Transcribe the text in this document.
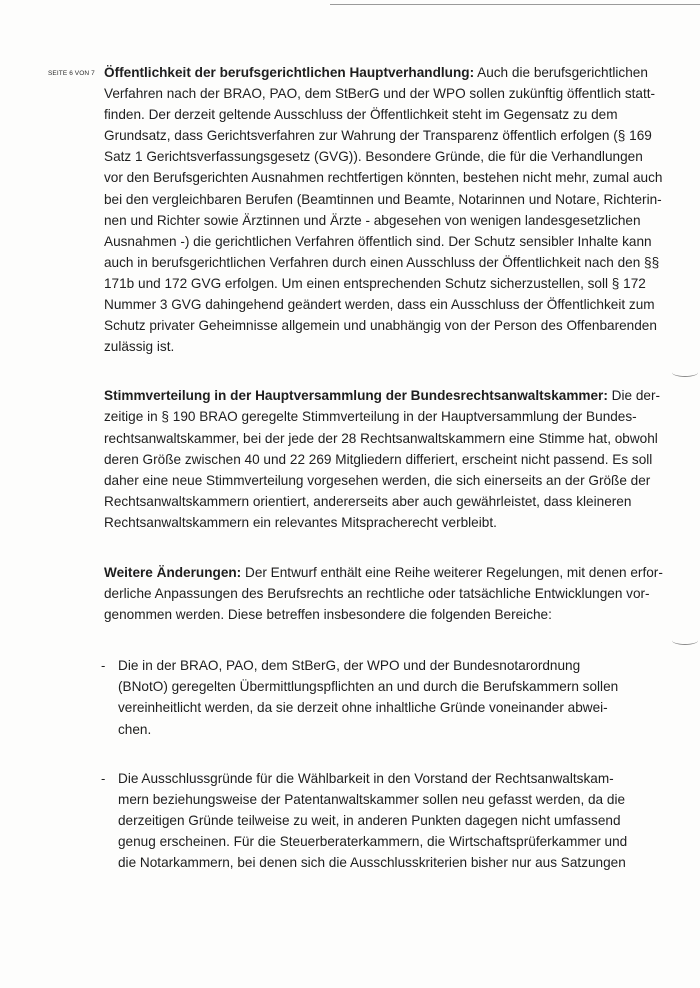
SEITE 6 VON 7 Öffentlichkeit der berufsgerichtlichen Hauptverhandlung: Auch die berufsgerichtlichen
Verfahren nach der BRAO, PAO, dem StBerG und der WPO sollen zukünftig öffentlich statt-
finden. Der derzeit geltende Ausschluss der Öffentlichkeit steht im Gegensatz zu dem
Grundsatz, dass Gerichtsverfahren zur Wahrung der Transparenz öffentlich erfolgen (§ 169
Satz 1 Gerichtsverfassungsgesetz (GVG)). Besondere Gründe, die für die Verhandlungen
vor den Berufsgerichten Ausnahmen rechtfertigen könnten, bestehen nicht mehr, zumal auch
bei den vergleichbaren Berufen (Beamtinnen und Beamte, Notarinnen und Notare, Richterin-
nen und Richter sowie Ärztinnen und Ärzte - abgesehen von wenigen landesgesetzlichen
Ausnahmen -) die gerichtlichen Verfahren öffentlich sind. Der Schutz sensibler Inhalte kann
auch in berufsgerichtlichen Verfahren durch einen Ausschluss der Öffentlichkeit nach den §§
171b und 172 GVG erfolgen. Um einen entsprechenden Schutz sicherzustellen, soll § 172
Nummer 3 GVG dahingehend geändert werden, dass ein Ausschluss der Öffentlichkeit zum
Schutz privater Geheimnisse allgemein und unabhängig von der Person des Offenbarenden
zulässig ist.
Stimmverteilung in der Hauptversammlung der Bundesrechtsanwaltskammer: Die der-
zeitige in § 190 BRAO geregelte Stimmverteilung in der Hauptversammlung der Bundes-
rechtsanwaltskammer, bei der jede der 28 Rechtsanwaltskammern eine Stimme hat, obwohl
deren Größe zwischen 40 und 22 269 Mitgliedern differiert, erscheint nicht passend. Es soll
daher eine neue Stimmverteilung vorgesehen werden, die sich einerseits an der Größe der
Rechtsanwaltskammern orientiert, andererseits aber auch gewährleistet, dass kleineren
Rechtsanwaltskammern ein relevantes Mitspracherecht verbleibt.
Weitere Änderungen: Der Entwurf enthält eine Reihe weiterer Regelungen, mit denen erfor-
derliche Anpassungen des Berufsrechts an rechtliche oder tatsächliche Entwicklungen vor-
genommen werden. Diese betreffen insbesondere die folgenden Bereiche:
- Die in der BRAO, PAO, dem StBerG, der WPO und der Bundesnotarordnung
(BNotO) geregelten Übermittlungspflichten an und durch die Berufskammern sollen
vereinheitlicht werden, da sie derzeit ohne inhaltliche Gründe voneinander abwei-
chen.
- Die Ausschlussgründe für die Wählbarkeit in den Vorstand der Rechtsanwaltskam-
mern beziehungsweise der Patentanwaltskammer sollen neu gefasst werden, da die
derzeitigen Gründe teilweise zu weit, in anderen Punkten dagegen nicht umfassend
genug erscheinen. Für die Steuerberaterkammern, die Wirtschaftsprüferkammer und
die Notarkammern, bei denen sich die Ausschlusskriterien bisher nur aus Satzungen
